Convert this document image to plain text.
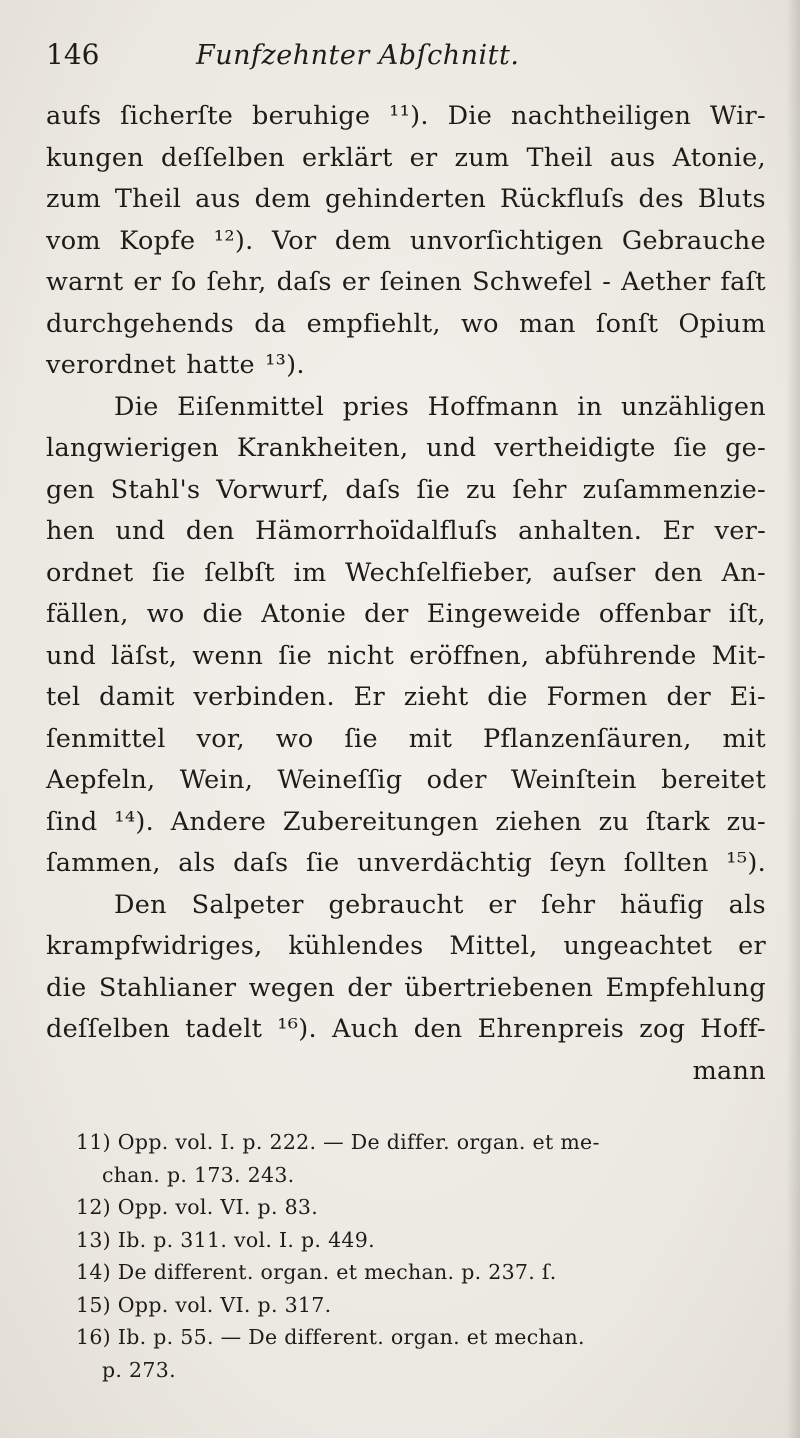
146	Funfzehnter Abſchnitt.
aufs ſicherſte beruhige ¹¹). Die nachtheiligen Wir-
kungen deſſelben erklärt er zum Theil aus Atonie,
zum Theil aus dem gehinderten Rückfluſs des Bluts
vom Kopfe ¹²). Vor dem unvorſichtigen Gebrauche
warnt er ſo ſehr, daſs er ſeinen Schwefel - Aether faſt
durchgehends da empfiehlt, wo man ſonſt Opium
verordnet hatte ¹³).
Die Eiſenmittel pries Hoffmann in unzähligen
langwierigen Krankheiten, und vertheidigte ſie ge-
gen Stahl's Vorwurf, daſs ſie zu ſehr zuſammenzie-
hen und den Hämorrhoïdalfluſs anhalten. Er ver-
ordnet ſie ſelbſt im Wechſelfieber, auſser den An-
fällen, wo die Atonie der Eingeweide offenbar iſt,
und läſst, wenn ſie nicht eröffnen, abführende Mit-
tel damit verbinden. Er zieht die Formen der Ei-
ſenmittel vor, wo ſie mit Pflanzenſäuren, mit
Aepfeln, Wein, Weineſſig oder Weinſtein bereitet
ſind ¹⁴). Andere Zubereitungen ziehen zu ſtark zu-
ſammen, als daſs ſie unverdächtig ſeyn ſollten ¹⁵).
Den Salpeter gebraucht er ſehr häufig als
krampfwidriges, kühlendes Mittel, ungeachtet er
die Stahlianer wegen der übertriebenen Empfehlung
deſſelben tadelt ¹⁶). Auch den Ehrenpreis zog Hoff-
mann
11) Opp. vol. I. p. 222. — De differ. organ. et me-
chan. p. 173. 243.
12) Opp. vol. VI. p. 83.
13) Ib. p. 311. vol. I. p. 449.
14) De different. organ. et mechan. p. 237. ſ.
15) Opp. vol. VI. p. 317.
16) Ib. p. 55. — De different. organ. et mechan.
p. 273.
